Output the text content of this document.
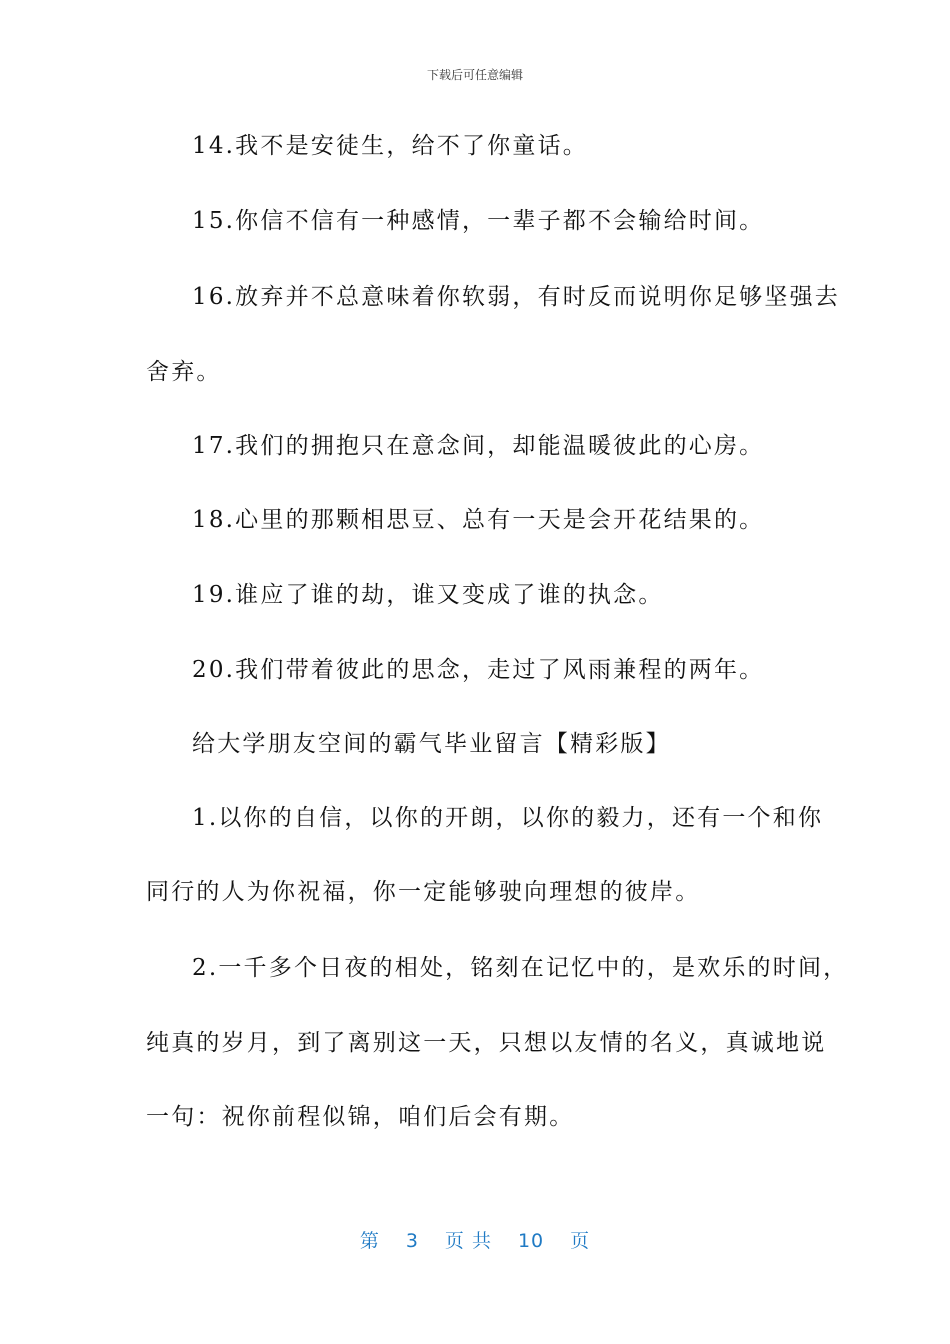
下载后可任意编辑
14.我不是安徒生，给不了你童话。
15.你信不信有一种感情，一辈子都不会输给时间。
16.放弃并不总意味着你软弱，有时反而说明你足够坚强去
舍弃。
17.我们的拥抱只在意念间，却能温暖彼此的心房。
18.心里的那颗相思豆、总有一天是会开花结果的。
19.谁应了谁的劫，谁又变成了谁的执念。
20.我们带着彼此的思念，走过了风雨兼程的两年。
给大学朋友空间的霸气毕业留言【精彩版】
1.以你的自信，以你的开朗，以你的毅力，还有一个和你
同行的人为你祝福，你一定能够驶向理想的彼岸。
2.一千多个日夜的相处，铭刻在记忆中的，是欢乐的时间，
纯真的岁月，到了离别这一天，只想以友情的名义，真诚地说
一句：祝你前程似锦，咱们后会有期。
第 3 页 共 10 页
